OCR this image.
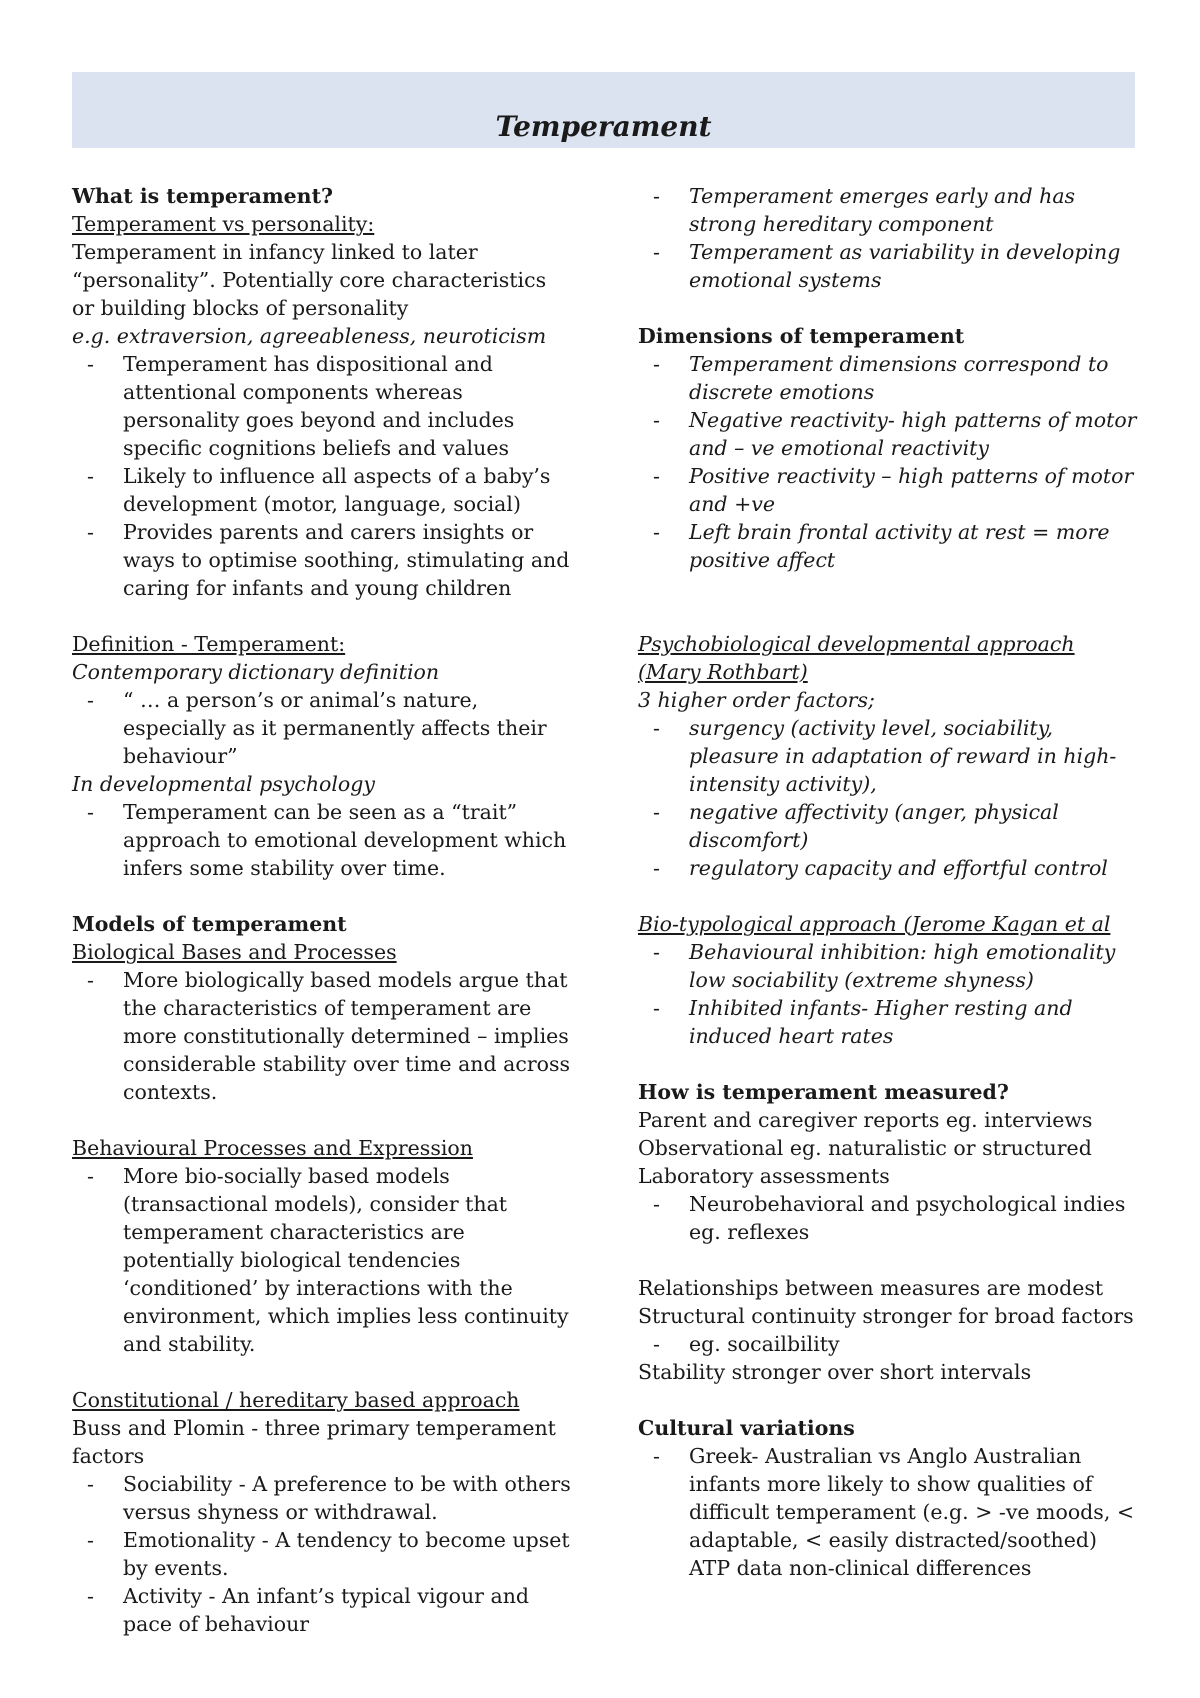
Temperament

What is temperament?

Temperament vs personality:

Temperament in infancy linked to later “personality”. Potentially core characteristics or building blocks of personality

e.g. extraversion, agreeableness, neuroticism

- Temperament has dispositional and attentional components whereas personality goes beyond and includes specific cognitions beliefs and values
- Likely to influence all aspects of a baby’s development (motor, language, social)
- Provides parents and carers insights or ways to optimise soothing, stimulating and caring for infants and young children

Definition - Temperament:

Contemporary dictionary definition

- “ … a person’s or animal’s nature, especially as it permanently affects their behaviour”

In developmental psychology

- Temperament can be seen as a “trait” approach to emotional development which infers some stability over time.

Models of temperament

Biological Bases and Processes

- More biologically based models argue that the characteristics of temperament are more constitutionally determined – implies considerable stability over time and across contexts.

Behavioural Processes and Expression

- More bio-socially based models (transactional models), consider that temperament characteristics are potentially biological tendencies ‘conditioned’ by interactions with the environment, which implies less continuity and stability.

Constitutional / hereditary based approach

Buss and Plomin - three primary temperament factors

- Sociability - A preference to be with others versus shyness or withdrawal.
- Emotionality - A tendency to become upset by events.
- Activity - An infant’s typical vigour and pace of behaviour
- Temperament emerges early and has strong hereditary component
- Temperament as variability in developing emotional systems

Dimensions of temperament

- Temperament dimensions correspond to discrete emotions
- Negative reactivity- high patterns of motor and – ve emotional reactivity
- Positive reactivity – high patterns of motor and +ve
- Left brain frontal activity at rest = more positive affect

Psychobiological developmental approach (Mary Rothbart)

3 higher order factors;

- surgency (activity level, sociability, pleasure in adaptation of reward in high-intensity activity),
- negative affectivity (anger, physical discomfort)
- regulatory capacity and effortful control

Bio-typological approach (Jerome Kagan et al

- Behavioural inhibition: high emotionality low sociability (extreme shyness)
- Inhibited infants- Higher resting and induced heart rates

How is temperament measured?

Parent and caregiver reports eg. interviews

Observational eg. naturalistic or structured

Laboratory assessments

- Neurobehavioral and psychological indies eg. reflexes

Relationships between measures are modest

Structural continuity stronger for broad factors

- eg. socailbility

Stability stronger over short intervals

Cultural variations

- Greek- Australian vs Anglo Australian infants more likely to show qualities of difficult temperament (e.g. > -ve moods, < adaptable, < easily distracted/soothed) ATP data non-clinical differences
